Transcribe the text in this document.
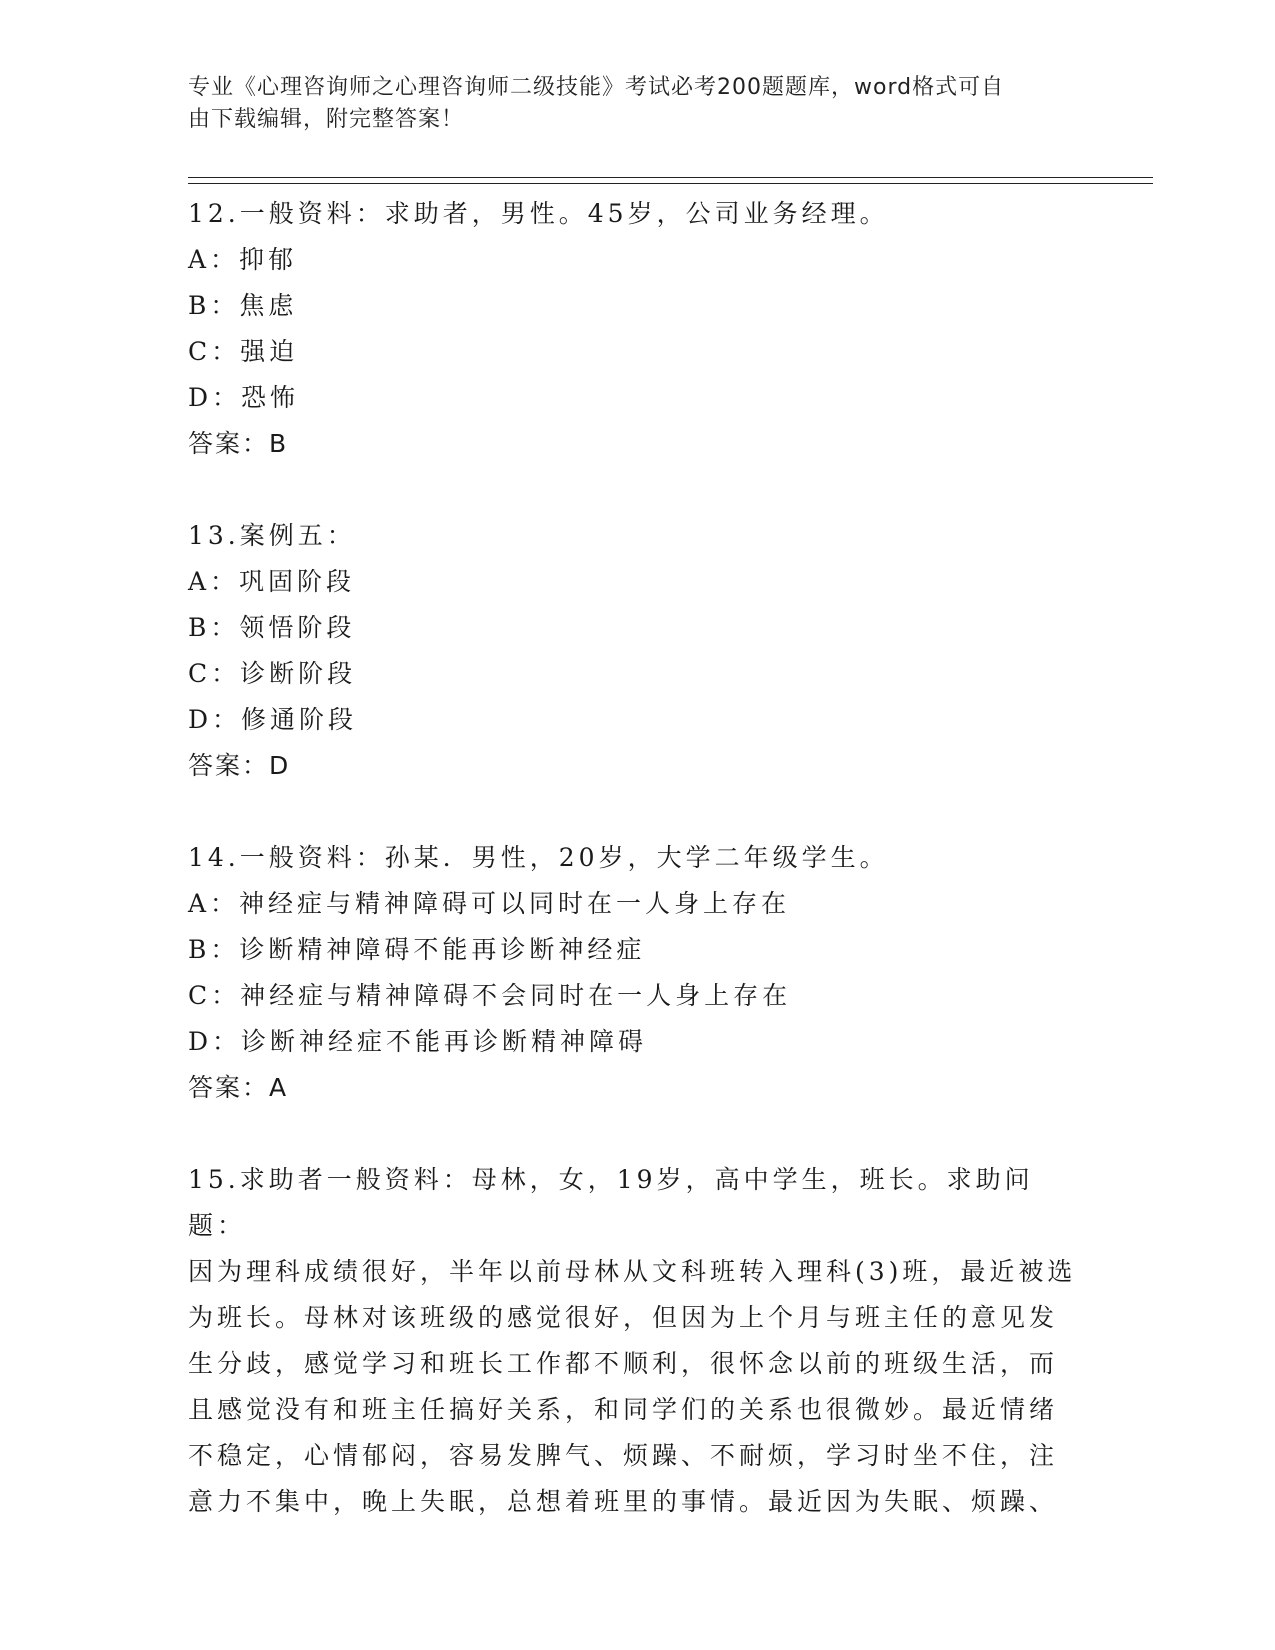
专业《心理咨询师之心理咨询师二级技能》考试必考200题题库，word格式可自
由下载编辑，附完整答案！
12.一般资料：求助者，男性。45岁，公司业务经理。
A：抑郁
B：焦虑
C：强迫
D：恐怖
答案：B
13.案例五：
A：巩固阶段
B：领悟阶段
C：诊断阶段
D：修通阶段
答案：D
14.一般资料：孙某．男性，20岁，大学二年级学生。
A：神经症与精神障碍可以同时在一人身上存在
B：诊断精神障碍不能再诊断神经症
C：神经症与精神障碍不会同时在一人身上存在
D：诊断神经症不能再诊断精神障碍
答案：A
15.求助者一般资料：母林，女，19岁，高中学生，班长。求助问题：
因为理科成绩很好，半年以前母林从文科班转入理科(3)班，最近被选
为班长。母林对该班级的感觉很好，但因为上个月与班主任的意见发
生分歧，感觉学习和班长工作都不顺利，很怀念以前的班级生活，而
且感觉没有和班主任搞好关系，和同学们的关系也很微妙。最近情绪
不稳定，心情郁闷，容易发脾气、烦躁、不耐烦，学习时坐不住，注
意力不集中，晚上失眠，总想着班里的事情。最近因为失眠、烦躁、
